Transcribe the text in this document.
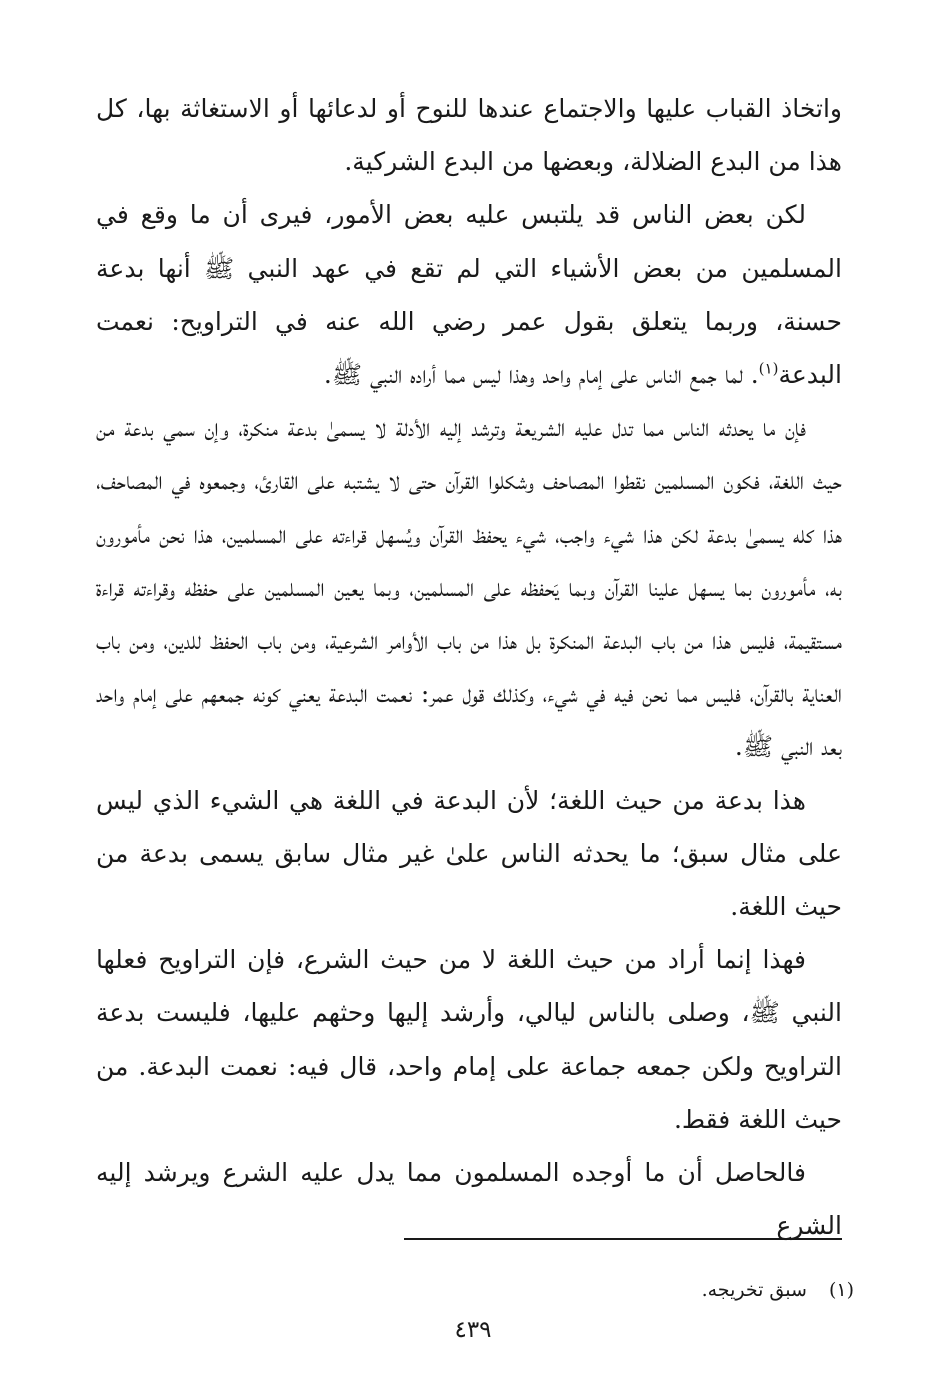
واتخاذ القباب عليها والاجتماع عندها للنوح أو لدعائها أو الاستغاثة بها، كل هذا من البدع الضلالة، وبعضها من البدع الشركية.

لكن بعض الناس قد يلتبس عليه بعض الأمور، فيرى أن ما وقع في المسلمين من بعض الأشياء التي لم تقع في عهد النبي ﷺ أنها بدعة حسنة، وربما يتعلق بقول عمر رضي الله عنه في التراويح: نعمت البدعة$^{(١)}$. لما جمع الناس على إمام واحد وهذا ليس مما أراده النبي ﷺ.

فإن ما يحدثه الناس مما تدل عليه الشريعة وترشد إليه الأدلة لا يسمىٰ بدعة منكرة، وإن سمي بدعة من حيث اللغة، فكون المسلمين نقطوا المصاحف وشكلوا القرآن حتى لا يشتبه على القارئ، وجمعوه في المصاحف، هذا كله يسمىٰ بدعة لكن هذا شيء واجب، شيء يحفظ القرآن ويُسهل قراءته على المسلمين، هذا نحن مأمورون به، مأمورون بما يسهل علينا القرآن وبما يَحفظه على المسلمين، وبما يعين المسلمين على حفظه وقراءته قراءة مستقيمة، فليس هذا من باب البدعة المنكرة بل هذا من باب الأوامر الشرعية، ومن باب الحفظ للدين، ومن باب العناية بالقرآن، فليس مما نحن فيه في شيء، وكذلك قول عمر: نعمت البدعة يعني كونه جمعهم على إمام واحد بعد النبي ﷺ.

هذا بدعة من حيث اللغة؛ لأن البدعة في اللغة هي الشيء الذي ليس على مثال سبق؛ ما يحدثه الناس علىٰ غير مثال سابق يسمى بدعة من حيث اللغة.

فهذا إنما أراد من حيث اللغة لا من حيث الشرع، فإن التراويح فعلها النبي ﷺ، وصلى بالناس ليالي، وأرشد إليها وحثهم عليها، فليست بدعة التراويح ولكن جمعه جماعة على إمام واحد، قال فيه: نعمت البدعة. من حيث اللغة فقط.

فالحاصل أن ما أوجده المسلمون مما يدل عليه الشرع ويرشد إليه الشرع

(١)سبق تخريجه.
٤٣٩
